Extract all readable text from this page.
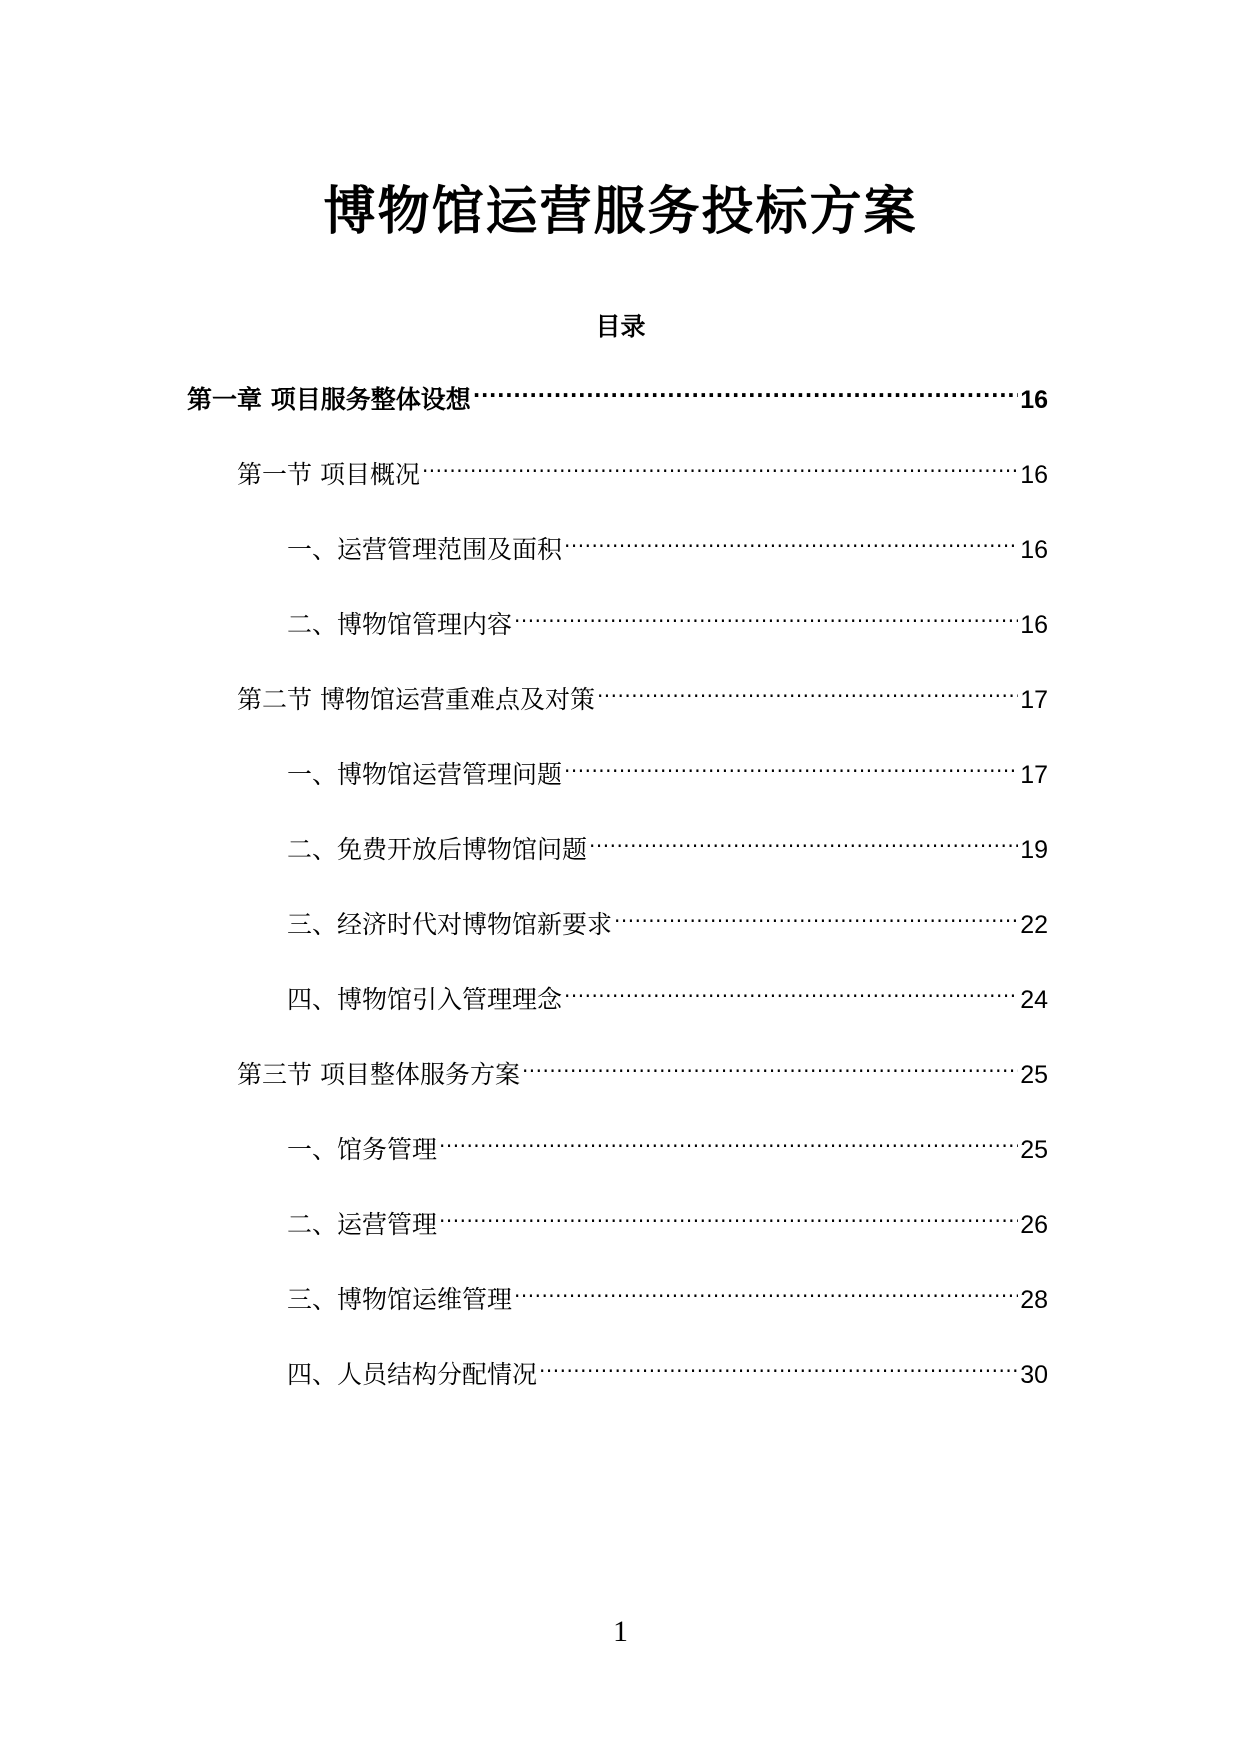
博物馆运营服务投标方案
目录
第一章 项目服务整体设想 .....	16
第一节 项目概况 .....	16
一、运营管理范围及面积 .....	16
二、博物馆管理内容 .....	16
第二节 博物馆运营重难点及对策 .....	17
一、博物馆运营管理问题 .....	17
二、免费开放后博物馆问题 .....	19
三、经济时代对博物馆新要求 .....	22
四、博物馆引入管理理念 .....	24
第三节 项目整体服务方案 .....	25
一、馆务管理 .....	25
二、运营管理 .....	26
三、博物馆运维管理 .....	28
四、人员结构分配情况 .....	30
1
